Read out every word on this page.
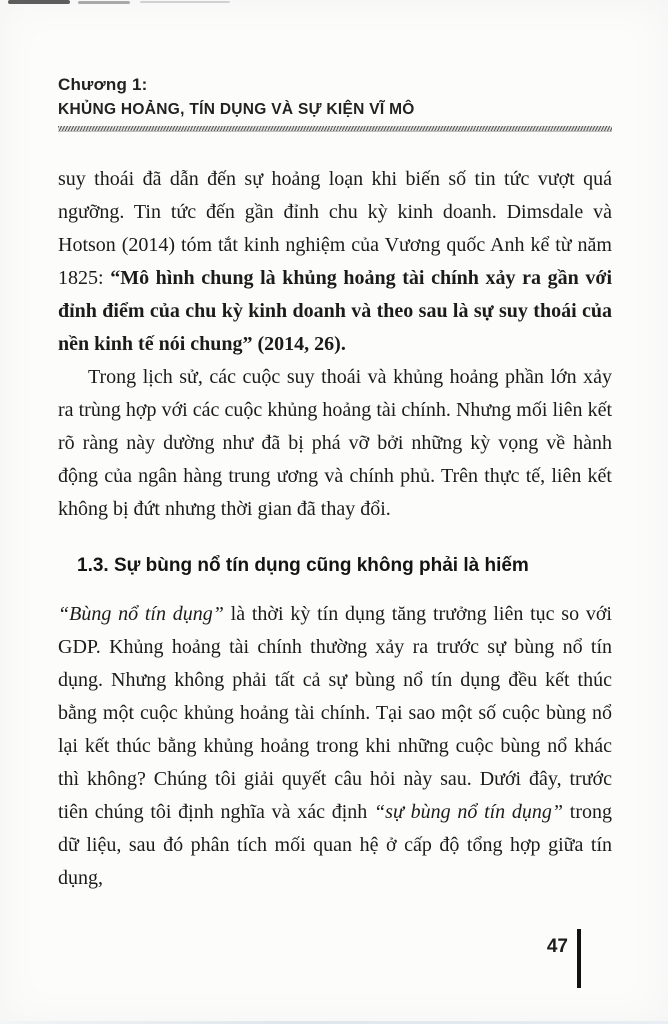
Chương 1:
KHỦNG HOẢNG, TÍN DỤNG VÀ SỰ KIỆN VĨ MÔ

suy thoái đã dẫn đến sự hoảng loạn khi biến số tin tức vượt quá ngưỡng. Tin tức đến gần đỉnh chu kỳ kinh doanh. Dimsdale và Hotson (2014) tóm tắt kinh nghiệm của Vương quốc Anh kể từ năm 1825: “Mô hình chung là khủng hoảng tài chính xảy ra gần với đỉnh điểm của chu kỳ kinh doanh và theo sau là sự suy thoái của nền kinh tế nói chung” (2014, 26).

Trong lịch sử, các cuộc suy thoái và khủng hoảng phần lớn xảy ra trùng hợp với các cuộc khủng hoảng tài chính. Nhưng mối liên kết rõ ràng này dường như đã bị phá vỡ bởi những kỳ vọng về hành động của ngân hàng trung ương và chính phủ. Trên thực tế, liên kết không bị đứt nhưng thời gian đã thay đổi.

1.3. Sự bùng nổ tín dụng cũng không phải là hiếm

“Bùng nổ tín dụng” là thời kỳ tín dụng tăng trưởng liên tục so với GDP. Khủng hoảng tài chính thường xảy ra trước sự bùng nổ tín dụng. Nhưng không phải tất cả sự bùng nổ tín dụng đều kết thúc bằng một cuộc khủng hoảng tài chính. Tại sao một số cuộc bùng nổ lại kết thúc bằng khủng hoảng trong khi những cuộc bùng nổ khác thì không? Chúng tôi giải quyết câu hỏi này sau. Dưới đây, trước tiên chúng tôi định nghĩa và xác định “sự bùng nổ tín dụng” trong dữ liệu, sau đó phân tích mối quan hệ ở cấp độ tổng hợp giữa tín dụng,

47
